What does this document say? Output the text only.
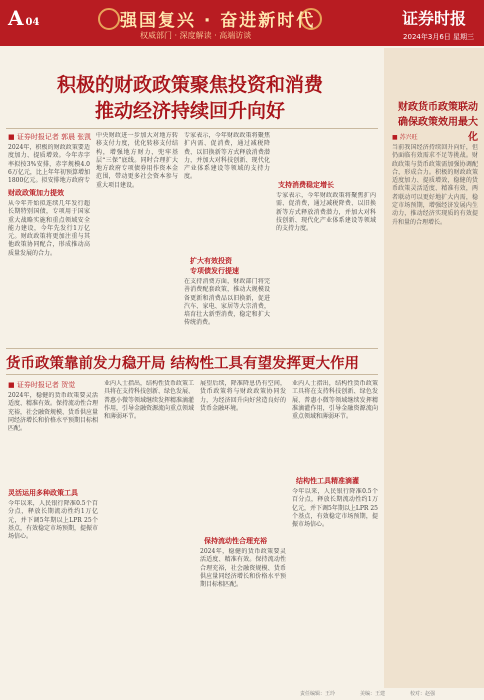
A 04	强国复兴 · 奋进新时代
权威部门 · 深度解读 · 高端访谈
证券时报
2024年3月6日 星期三
积极的财政政策聚焦投资和消费
推动经济持续回升向好
■ 证券时报记者 郭晨 张凯
2024年，积极的财政政策要适度加力、提质增效。今年赤字率拟按3%安排，赤字规模4.06万亿元，比上年年初预算增加1800亿元。拟安排地方政府专
财政政策加力提效
从今年开始拟连续几年发行超长期特别国债，专项用于国家重大战略实施和重点领域安全能力建设，今年先发行1万亿元。财政政策将更加注重与其他政策协同配合，形成推动高质量发展的合力。
中央财政进一步加大对地方转移支付力度，优化转移支付结构，增强地方财力，兜牢基层“三保”底线。同时合理扩大地方政府专项债券用作资本金范围，带动更多社会资本参与重大项目建设。
专家表示，今年财政政策将聚焦扩内需、促消费，通过减税降费、以旧换新等方式释放消费潜力，并加大对科技创新、现代化产业体系建设等领域的支持力度。
扩大有效投资
专项债发行提速
在支持消费方面，财政部门将完善消费配套政策，推动大规模设备更新和消费品以旧换新，促进汽车、家电、家居等大宗消费，培育壮大新型消费，稳定和扩大传统消费。
支持消费稳定增长
专家表示，今年财政政策将聚焦扩内需、促消费，通过减税降费、以旧换新等方式释放消费潜力，并加大对科技创新、现代化产业体系建设等领域的支持力度。
货币政策靠前发力稳开局 结构性工具有望发挥更大作用
■ 证券时报记者 贺觉
2024年，稳健的货币政策要灵活适度、精准有效。保持流动性合理充裕，社会融资规模、货币供应量同经济增长和价格水平预期目标相匹配。
灵活运用多种政策工具
今年以来，人民银行降准0.5个百分点，释放长期流动性约1万亿元，并下调5年期以上LPR 25个基点，有效稳定市场预期，提振市场信心。
业内人士指出，结构性货币政策工具将在支持科技创新、绿色发展、普惠小微等领域继续发挥精准滴灌作用，引导金融资源流向重点领域和薄弱环节。
展望后续，降准降息仍有空间，货币政策将与财政政策协同发力，为经济回升向好营造良好的货币金融环境。
保持流动性合理充裕
2024年，稳健的货币政策要灵活适度、精准有效。保持流动性合理充裕，社会融资规模、货币供应量同经济增长和价格水平预期目标相匹配。
业内人士指出，结构性货币政策工具将在支持科技创新、绿色发展、普惠小微等领域继续发挥精准滴灌作用，引导金融资源流向重点领域和薄弱环节。
结构性工具精准滴灌
今年以来，人民银行降准0.5个百分点，释放长期流动性约1万亿元，并下调5年期以上LPR 25个基点，有效稳定市场预期，提振市场信心。
财政货币政策联动
确保政策效用最大化
■ 苏兴旺
当前我国经济持续回升向好，但仍面临有效需求不足等挑战。财政政策与货币政策需加强协调配合，形成合力。积极的财政政策适度加力、提质增效，稳健的货币政策灵活适度、精准有效，两者联动可以更好地扩大内需，稳定市场预期，增强经济发展内生动力，推动经济实现质的有效提升和量的合理增长。
责任编辑：王玲	美编：王建	校对：赵强
